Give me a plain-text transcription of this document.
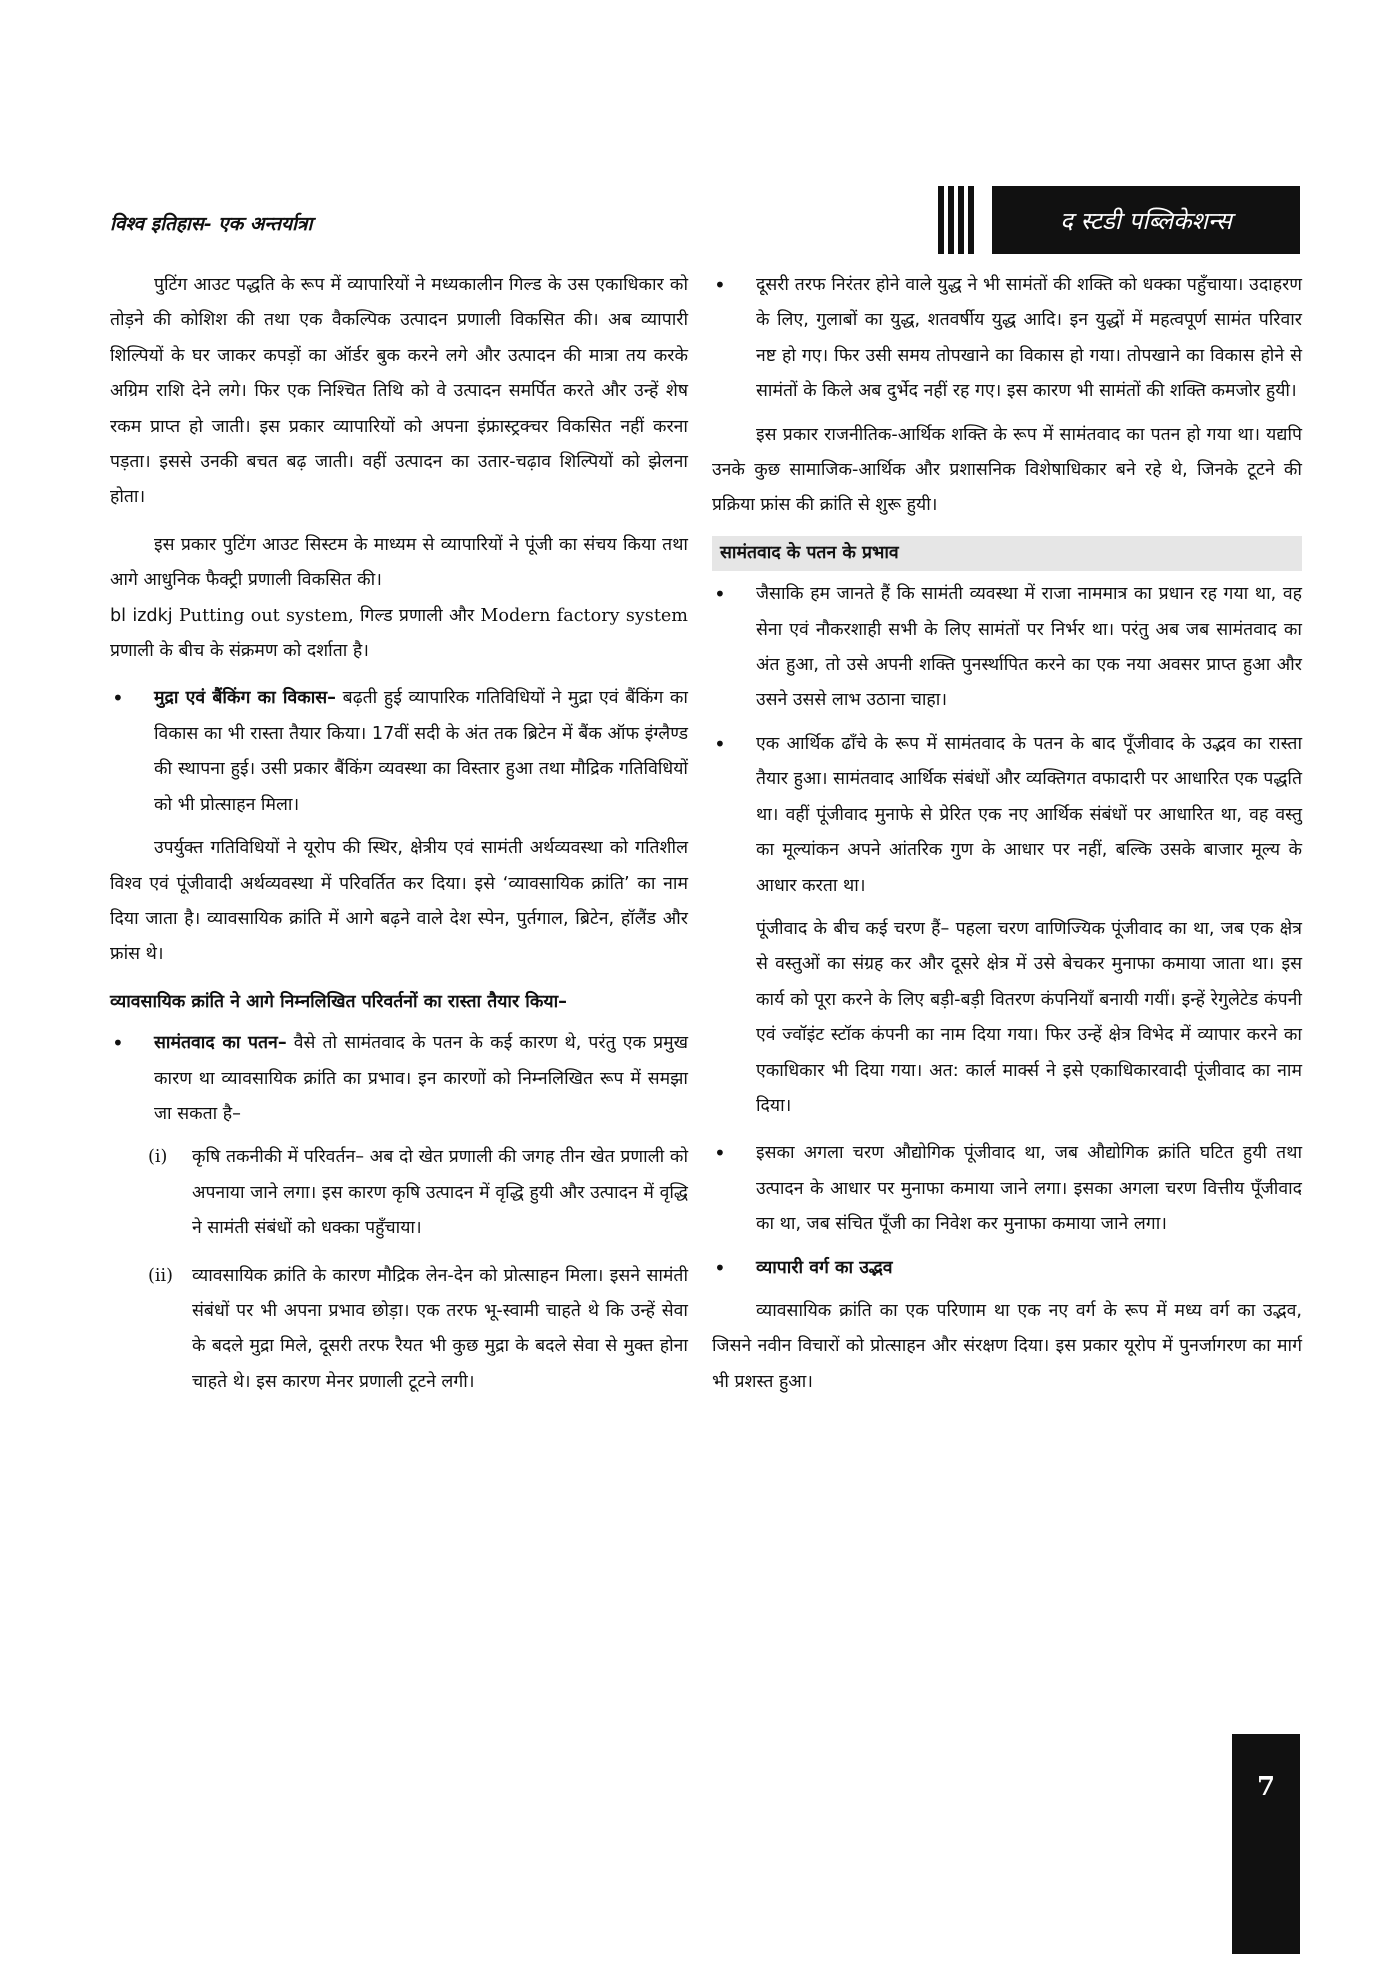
विश्व इतिहास- एक अन्तर्यात्रा	द स्टडी पब्लिकेशन्स

पुटिंग आउट पद्धति के रूप में व्यापारियों ने मध्यकालीन गिल्ड के उस एकाधिकार को तोड़ने की कोशिश की तथा एक वैकल्पिक उत्पादन प्रणाली विकसित की। अब व्यापारी शिल्पियों के घर जाकर कपड़ों का ऑर्डर बुक करने लगे और उत्पादन की मात्रा तय करके अग्रिम राशि देने लगे। फिर एक निश्चित तिथि को वे उत्पादन समर्पित करते और उन्हें शेष रकम प्राप्त हो जाती। इस प्रकार व्यापारियों को अपना इंफ्रास्ट्रक्चर विकसित नहीं करना पड़ता। इससे उनकी बचत बढ़ जाती। वहीं उत्पादन का उतार-चढ़ाव शिल्पियों को झेलना होता।

इस प्रकार पुटिंग आउट सिस्टम के माध्यम से व्यापारियों ने पूंजी का संचय किया तथा आगे आधुनिक फैक्ट्री प्रणाली विकसित की।
bl izdkj Putting out system, गिल्ड प्रणाली और Modern factory system प्रणाली के बीच के संक्रमण को दर्शाता है।

• मुद्रा एवं बैंकिंग का विकास– बढ़ती हुई व्यापारिक गतिविधियों ने मुद्रा एवं बैंकिंग का विकास का भी रास्ता तैयार किया। 17वीं सदी के अंत तक ब्रिटेन में बैंक ऑफ इंग्लैण्ड की स्थापना हुई। उसी प्रकार बैंकिंग व्यवस्था का विस्तार हुआ तथा मौद्रिक गतिविधियों को भी प्रोत्साहन मिला।

उपर्युक्त गतिविधियों ने यूरोप की स्थिर, क्षेत्रीय एवं सामंती अर्थव्यवस्था को गतिशील विश्व एवं पूंजीवादी अर्थव्यवस्था में परिवर्तित कर दिया। इसे ‘व्यावसायिक क्रांति’ का नाम दिया जाता है। व्यावसायिक क्रांति में आगे बढ़ने वाले देश स्पेन, पुर्तगाल, ब्रिटेन, हॉलैंड और फ्रांस थे।

व्यावसायिक क्रांति ने आगे निम्नलिखित परिवर्तनों का रास्ता तैयार किया–
• सामंतवाद का पतन– वैसे तो सामंतवाद के पतन के कई कारण थे, परंतु एक प्रमुख कारण था व्यावसायिक क्रांति का प्रभाव। इन कारणों को निम्नलिखित रूप में समझा जा सकता है–
(i) कृषि तकनीकी में परिवर्तन– अब दो खेत प्रणाली की जगह तीन खेत प्रणाली को अपनाया जाने लगा। इस कारण कृषि उत्पादन में वृद्धि हुयी और उत्पादन में वृद्धि ने सामंती संबंधों को धक्का पहुँचाया।
(ii) व्यावसायिक क्रांति के कारण मौद्रिक लेन-देन को प्रोत्साहन मिला। इसने सामंती संबंधों पर भी अपना प्रभाव छोड़ा। एक तरफ भू-स्वामी चाहते थे कि उन्हें सेवा के बदले मुद्रा मिले, दूसरी तरफ रैयत भी कुछ मुद्रा के बदले सेवा से मुक्त होना चाहते थे। इस कारण मेनर प्रणाली टूटने लगी।
• दूसरी तरफ निरंतर होने वाले युद्ध ने भी सामंतों की शक्ति को धक्का पहुँचाया। उदाहरण के लिए, गुलाबों का युद्ध, शतवर्षीय युद्ध आदि। इन युद्धों में महत्वपूर्ण सामंत परिवार नष्ट हो गए। फिर उसी समय तोपखाने का विकास हो गया। तोपखाने का विकास होने से सामंतों के किले अब दुर्भेद नहीं रह गए। इस कारण भी सामंतों की शक्ति कमजोर हुयी।

इस प्रकार राजनीतिक-आर्थिक शक्ति के रूप में सामंतवाद का पतन हो गया था। यद्यपि उनके कुछ सामाजिक-आर्थिक और प्रशासनिक विशेषाधिकार बने रहे थे, जिनके टूटने की प्रक्रिया फ्रांस की क्रांति से शुरू हुयी।

सामंतवाद के पतन के प्रभाव
• जैसाकि हम जानते हैं कि सामंती व्यवस्था में राजा नाममात्र का प्रधान रह गया था, वह सेना एवं नौकरशाही सभी के लिए सामंतों पर निर्भर था। परंतु अब जब सामंतवाद का अंत हुआ, तो उसे अपनी शक्ति पुनर्स्थापित करने का एक नया अवसर प्राप्त हुआ और उसने उससे लाभ उठाना चाहा।
• एक आर्थिक ढाँचे के रूप में सामंतवाद के पतन के बाद पूँजीवाद के उद्भव का रास्ता तैयार हुआ। सामंतवाद आर्थिक संबंधों और व्यक्तिगत वफादारी पर आधारित एक पद्धति था। वहीं पूंजीवाद मुनाफे से प्रेरित एक नए आर्थिक संबंधों पर आधारित था, वह वस्तु का मूल्यांकन अपने आंतरिक गुण के आधार पर नहीं, बल्कि उसके बाजार मूल्य के आधार करता था।

पूंजीवाद के बीच कई चरण हैं– पहला चरण वाणिज्यिक पूंजीवाद का था, जब एक क्षेत्र से वस्तुओं का संग्रह कर और दूसरे क्षेत्र में उसे बेचकर मुनाफा कमाया जाता था। इस कार्य को पूरा करने के लिए बड़ी-बड़ी वितरण कंपनियाँ बनायी गयीं। इन्हें रेगुलेटेड कंपनी एवं ज्वॉइंट स्टॉक कंपनी का नाम दिया गया। फिर उन्हें क्षेत्र विभेद में व्यापार करने का एकाधिकार भी दिया गया। अत: कार्ल मार्क्स ने इसे एकाधिकारवादी पूंजीवाद का नाम दिया।

• इसका अगला चरण औद्योगिक पूंजीवाद था, जब औद्योगिक क्रांति घटित हुयी तथा उत्पादन के आधार पर मुनाफा कमाया जाने लगा। इसका अगला चरण वित्तीय पूँजीवाद का था, जब संचित पूँजी का निवेश कर मुनाफा कमाया जाने लगा।
• व्यापारी वर्ग का उद्भव

व्यावसायिक क्रांति का एक परिणाम था एक नए वर्ग के रूप में मध्य वर्ग का उद्भव, जिसने नवीन विचारों को प्रोत्साहन और संरक्षण दिया। इस प्रकार यूरोप में पुनर्जागरण का मार्ग भी प्रशस्त हुआ।

7
